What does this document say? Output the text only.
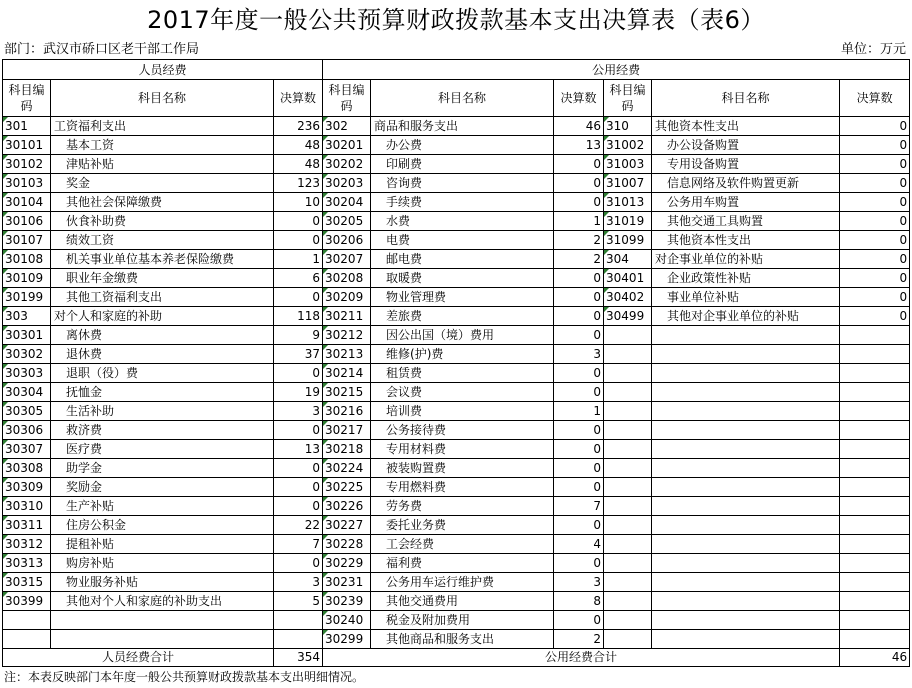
2017年度一般公共预算财政拨款基本支出决算表（表6）
部门：武汉市硚口区老干部工作局	单位：万元
人员经费			公用经费					
科目编码	科目名称	决算数	科目编码	科目名称	决算数	科目编码	科目名称	决算数
301	工资福利支出	236	302	商品和服务支出	46	310	其他资本性支出	0
30101	基本工资	48	30201	办公费	13	31002	办公设备购置	0
30102	津贴补贴	48	30202	印刷费	0	31003	专用设备购置	0
30103	奖金	123	30203	咨询费	0	31007	信息网络及软件购置更新	0
30104	其他社会保障缴费	10	30204	手续费	0	31013	公务用车购置	0
30106	伙食补助费	0	30205	水费	1	31019	其他交通工具购置	0
30107	绩效工资	0	30206	电费	2	31099	其他资本性支出	0
30108	机关事业单位基本养老保险缴费	1	30207	邮电费	2	304	对企事业单位的补贴	0
30109	职业年金缴费	6	30208	取暖费	0	30401	企业政策性补贴	0
30199	其他工资福利支出	0	30209	物业管理费	0	30402	事业单位补贴	0
303	对个人和家庭的补助	118	30211	差旅费	0	30499	其他对企事业单位的补贴	0
30301	离休费	9	30212	因公出国（境）费用	0			
30302	退休费	37	30213	维修(护)费	3			
30303	退职（役）费	0	30214	租赁费	0			
30304	抚恤金	19	30215	会议费	0			
30305	生活补助	3	30216	培训费	1			
30306	救济费	0	30217	公务接待费	0			
30307	医疗费	13	30218	专用材料费	0			
30308	助学金	0	30224	被装购置费	0			
30309	奖励金	0	30225	专用燃料费	0			
30310	生产补贴	0	30226	劳务费	7			
30311	住房公积金	22	30227	委托业务费	0			
30312	提租补贴	7	30228	工会经费	4			
30313	购房补贴	0	30229	福利费	0			
30315	物业服务补贴	3	30231	公务用车运行维护费	3			
30399	其他对个人和家庭的补助支出	5	30239	其他交通费用	8			
			30240	税金及附加费用	0			
			30299	其他商品和服务支出	2			
人员经费合计		354	公用经费合计					46
注：本表反映部门本年度一般公共预算财政拨款基本支出明细情况。
